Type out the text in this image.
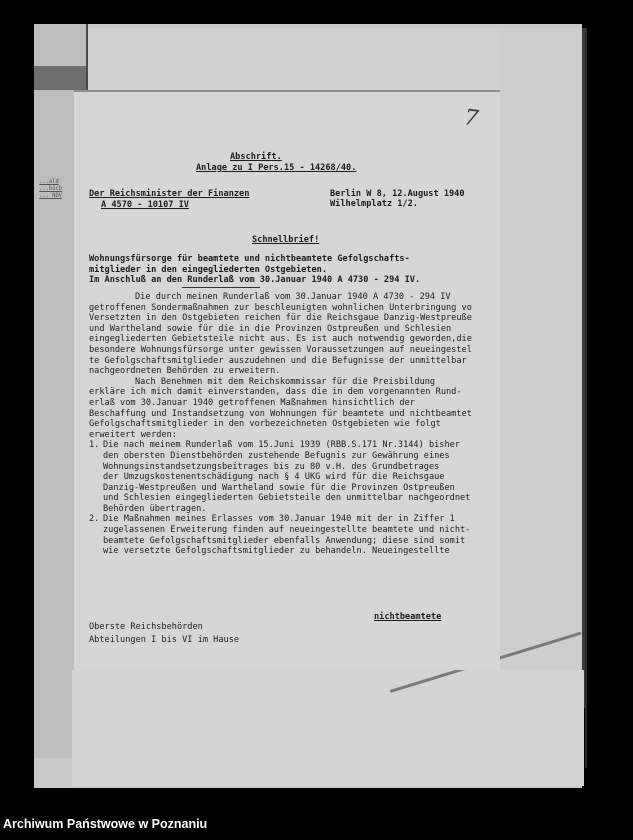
...ald
...bücb
... NOV
7
Abschrift.
Anlage zu I Pers.15 - 14268/40.
Der Reichsminister der Finanzen
A 4570 - 10107 IV
Berlin W 8, 12.August 1940
Wilhelmplatz 1/2.
Schnellbrief!
Wohnungsfürsorge für beamtete und nichtbeamtete Gefolgschafts-
mitglieder in den eingegliederten Ostgebieten.
Im Anschluß an den Runderlaß vom 30.Januar 1940 A 4730 - 294 IV.

Die durch meinen Runderlaß vom 30.Januar 1940 A 4730 - 294 IV

getroffenen Sondermaßnahmen zur beschleunigten wohnlichen Unterbringung vo

Versetzten in den Ostgebieten reichen für die Reichsgaue Danzig-Westpreuße

und Wartheland sowie für die in die Provinzen Ostpreußen und Schlesien

eingegliederten Gebietsteile nicht aus. Es ist auch notwendig geworden,die

besondere Wohnungsfürsorge unter gewissen Voraussetzungen auf neueingestel

te Gefolgschaftsmitglieder auszudehnen und die Befugnisse der unmittelbar

nachgeordneten Behörden zu erweitern.

Nach Benehmen mit dem Reichskommissar für die Preisbildung

erkläre ich mich damit einverstanden, dass die in dem vorgenannten Rund-

erlaß vom 30.Januar 1940 getroffenen Maßnahmen hinsichtlich der

Beschaffung und Instandsetzung von Wohnungen für beamtete und nichtbeamtet

Gefolgschaftsmitglieder in den vorbezeichneten Ostgebieten wie folgt

erweitert werden:

1. Die nach meinem Runderlaß vom 15.Juni 1939 (RBB.S.171 Nr.3144) bisher

den obersten Dienstbehörden zustehende Befugnis zur Gewährung eines

Wohnungsinstandsetzungsbeitrages bis zu 80 v.H. des Grundbetrages

der Umzugskostenentschädigung nach § 4 UKG wird für die Reichsgaue

Danzig-Westpreußen und Wartheland sowie für die Provinzen Ostpreußen

und Schlesien eingegliederten Gebietsteile den unmittelbar nachgeordnet

Behörden übertragen.

2. Die Maßnahmen meines Erlasses vom 30.Januar 1940 mit der in Ziffer 1

zugelassenen Erweiterung finden auf neueingestellte beamtete und nicht-

beamtete Gefolgschaftsmitglieder ebenfalls Anwendung; diese sind somit

wie versetzte Gefolgschaftsmitglieder zu behandeln. Neueingestellte

nichtbeamtete
Oberste Reichsbehörden
Abteilungen I bis VI im Hause
Archiwum Państwowe w Poznaniu
